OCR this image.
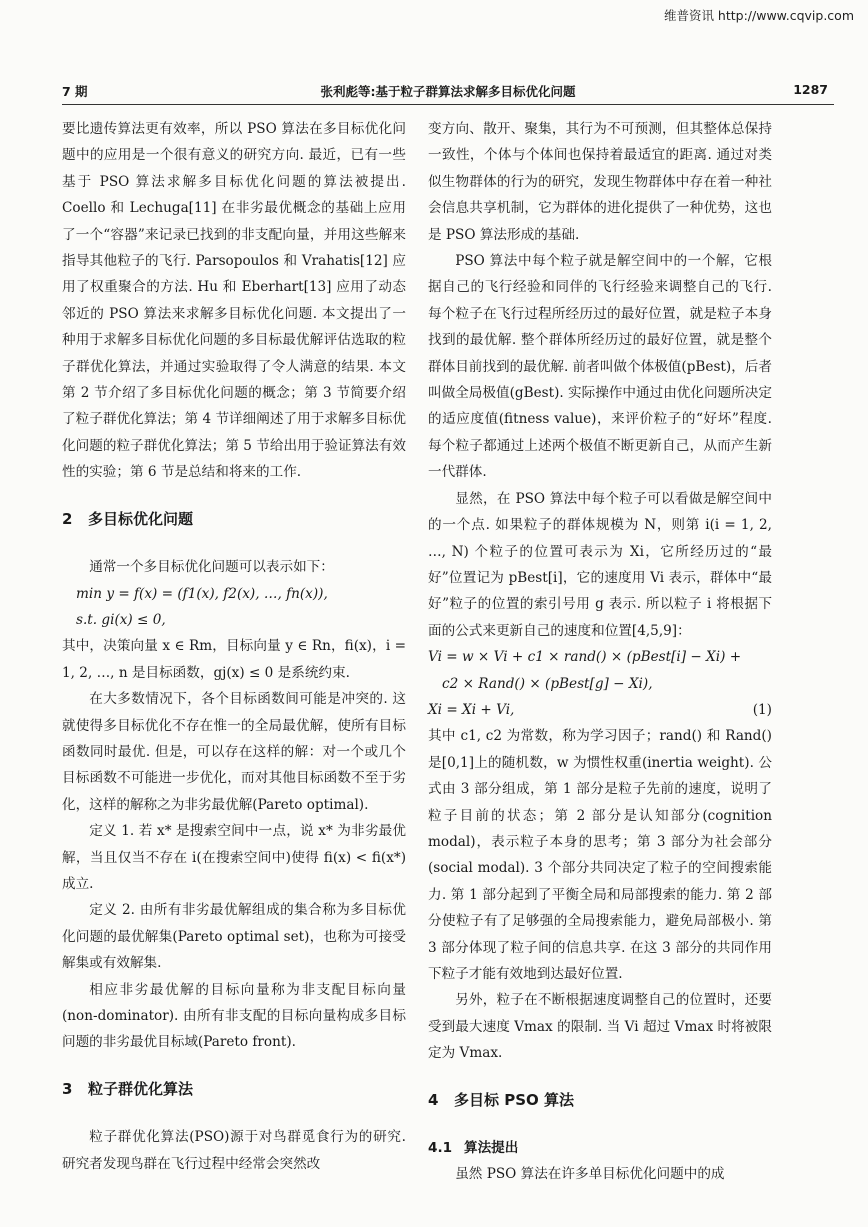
维普资讯 http://www.cqvip.com
7 期	张利彪等:基于粒子群算法求解多目标优化问题	1287

要比遗传算法更有效率，所以 PSO 算法在多目标优化问题中的应用是一个很有意义的研究方向. 最近，已有一些基于 PSO 算法求解多目标优化问题的算法被提出. Coello 和 Lechuga[11] 在非劣最优概念的基础上应用了一个“容器”来记录已找到的非支配向量，并用这些解来指导其他粒子的飞行. Parsopoulos 和 Vrahatis[12] 应用了权重聚合的方法. Hu 和 Eberhart[13] 应用了动态邻近的 PSO 算法来求解多目标优化问题. 本文提出了一种用于求解多目标优化问题的多目标最优解评估选取的粒子群优化算法，并通过实验取得了令人满意的结果. 本文第 2 节介绍了多目标优化问题的概念；第 3 节简要介绍了粒子群优化算法；第 4 节详细阐述了用于求解多目标优化问题的粒子群优化算法；第 5 节给出用于验证算法有效性的实验；第 6 节是总结和将来的工作.

2 多目标优化问题

通常一个多目标优化问题可以表示如下：

min y = f(x) = (f1(x), f2(x), …, fn(x)),
s.t. gi(x) ≤ 0,

其中，决策向量 x ∈ Rm，目标向量 y ∈ Rn，fi(x)，i = 1, 2, …, n 是目标函数，gj(x) ≤ 0 是系统约束.

在大多数情况下，各个目标函数间可能是冲突的. 这就使得多目标优化不存在惟一的全局最优解，使所有目标函数同时最优. 但是，可以存在这样的解：对一个或几个目标函数不可能进一步优化，而对其他目标函数不至于劣化，这样的解称之为非劣最优解(Pareto optimal).

定义 1. 若 x* 是搜索空间中一点，说 x* 为非劣最优解，当且仅当不存在 i(在搜索空间中)使得 fi(x) < fi(x*) 成立.

定义 2. 由所有非劣最优解组成的集合称为多目标优化问题的最优解集(Pareto optimal set)，也称为可接受解集或有效解集.

相应非劣最优解的目标向量称为非支配目标向量(non-dominator). 由所有非支配的目标向量构成多目标问题的非劣最优目标域(Pareto front).

3 粒子群优化算法

粒子群优化算法(PSO)源于对鸟群觅食行为的研究. 研究者发现鸟群在飞行过程中经常会突然改

变方向、散开、聚集，其行为不可预测，但其整体总保持一致性，个体与个体间也保持着最适宜的距离. 通过对类似生物群体的行为的研究，发现生物群体中存在着一种社会信息共享机制，它为群体的进化提供了一种优势，这也是 PSO 算法形成的基础.

PSO 算法中每个粒子就是解空间中的一个解，它根据自己的飞行经验和同伴的飞行经验来调整自己的飞行. 每个粒子在飞行过程所经历过的最好位置，就是粒子本身找到的最优解. 整个群体所经历过的最好位置，就是整个群体目前找到的最优解. 前者叫做个体极值(pBest)，后者叫做全局极值(gBest). 实际操作中通过由优化问题所决定的适应度值(fitness value)，来评价粒子的“好坏”程度. 每个粒子都通过上述两个极值不断更新自己，从而产生新一代群体.

显然，在 PSO 算法中每个粒子可以看做是解空间中的一个点. 如果粒子的群体规模为 N，则第 i(i = 1, 2, …, N) 个粒子的位置可表示为 Xi，它所经历过的“最好”位置记为 pBest[i]，它的速度用 Vi 表示，群体中“最好”粒子的位置的索引号用 g 表示. 所以粒子 i 将根据下面的公式来更新自己的速度和位置[4,5,9]：

Vi = w × Vi + c1 × rand() × (pBest[i] − Xi) +
c2 × Rand() × (pBest[g] − Xi),
Xi = Xi + Vi,	(1)

其中 c1, c2 为常数，称为学习因子；rand() 和 Rand() 是[0,1]上的随机数，w 为惯性权重(inertia weight). 公式由 3 部分组成，第 1 部分是粒子先前的速度，说明了粒子目前的状态；第 2 部分是认知部分(cognition modal)，表示粒子本身的思考；第 3 部分为社会部分(social modal). 3 个部分共同决定了粒子的空间搜索能力. 第 1 部分起到了平衡全局和局部搜索的能力. 第 2 部分使粒子有了足够强的全局搜索能力，避免局部极小. 第 3 部分体现了粒子间的信息共享. 在这 3 部分的共同作用下粒子才能有效地到达最好位置.

另外，粒子在不断根据速度调整自己的位置时，还要受到最大速度 Vmax 的限制. 当 Vi 超过 Vmax 时将被限定为 Vmax.

4 多目标 PSO 算法
4.1 算法提出

虽然 PSO 算法在许多单目标优化问题中的成
